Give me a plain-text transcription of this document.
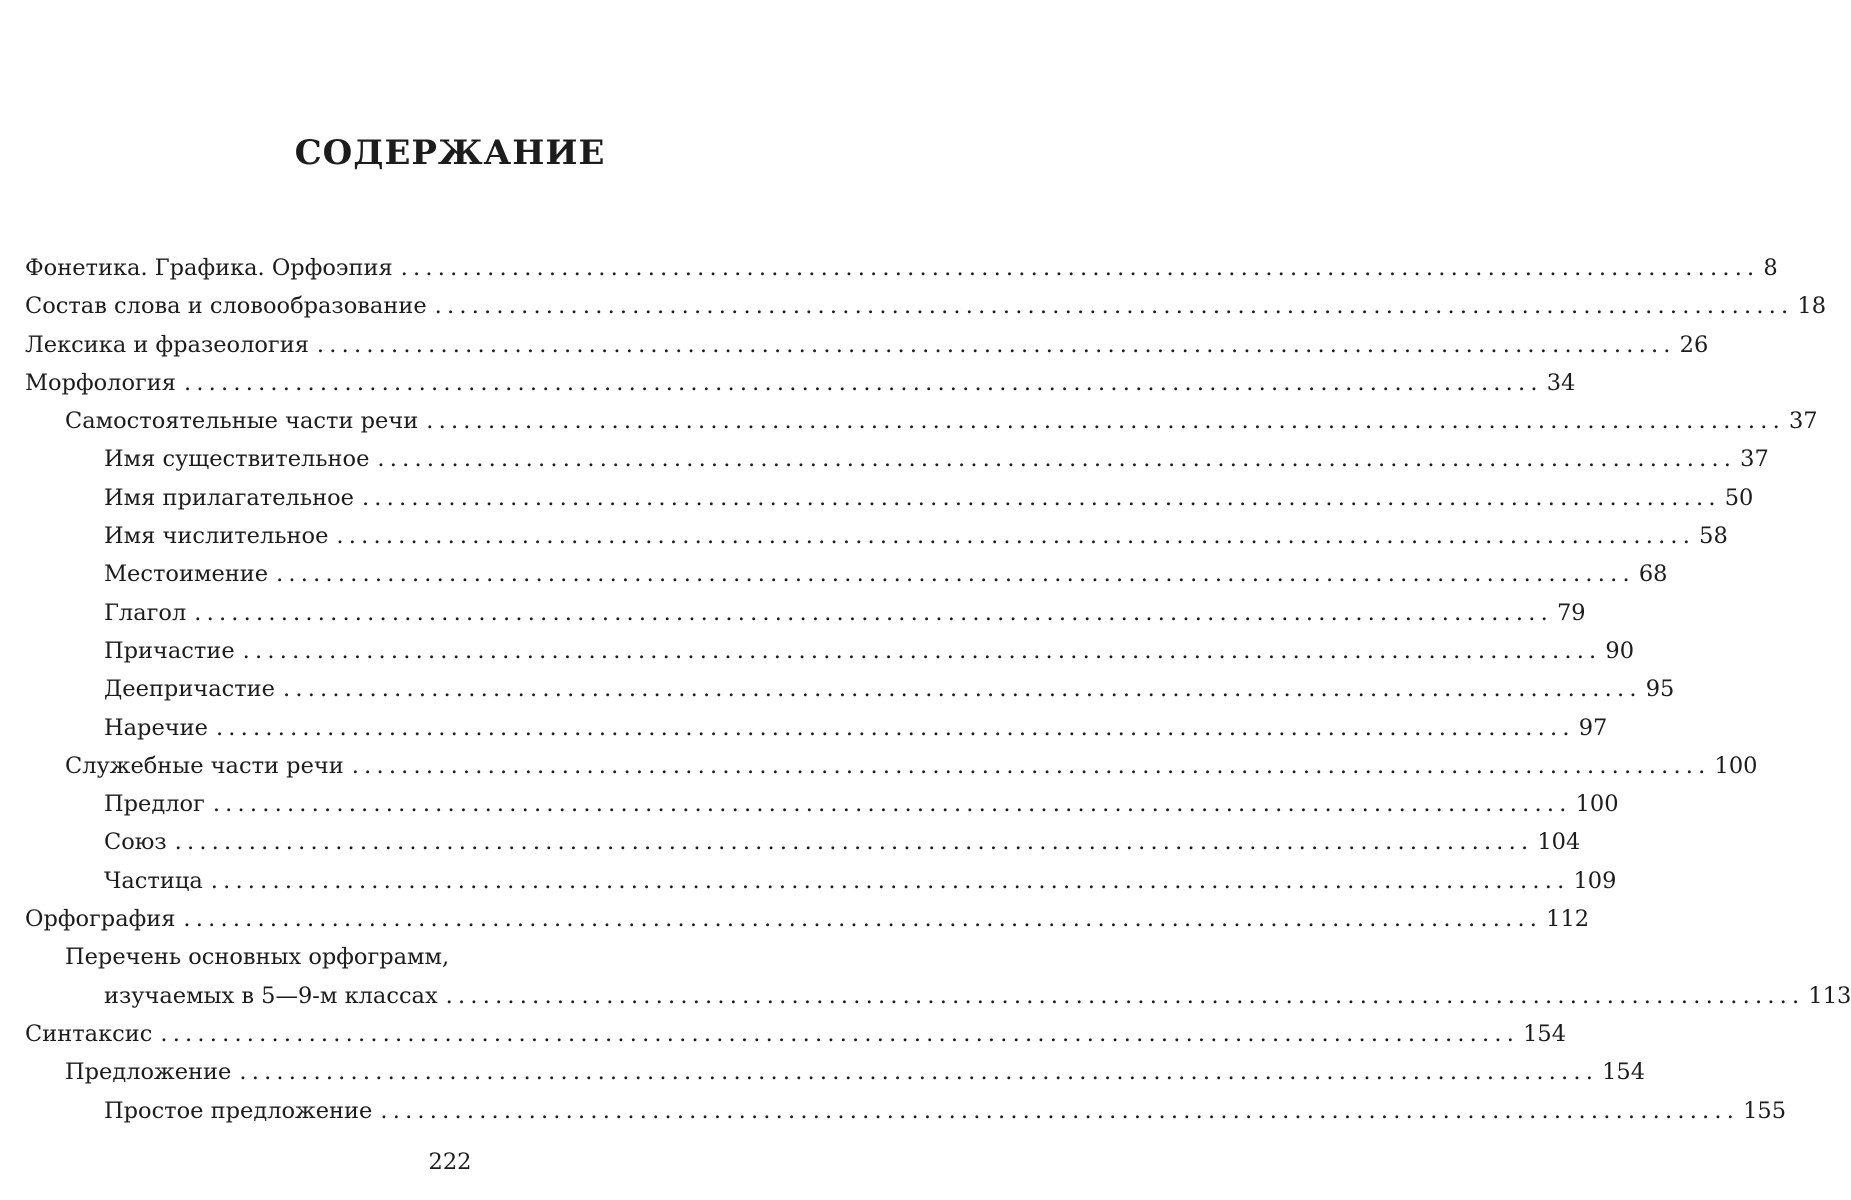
СОДЕРЖАНИЕ
Фонетика. Графика. Орфоэпия .............................................................................................................. 8
Состав слова и словообразование .............................................................................................................. 18
Лексика и фразеология .............................................................................................................. 26
Морфология .............................................................................................................. 34
Самостоятельные части речи .............................................................................................................. 37
Имя существительное .............................................................................................................. 37
Имя прилагательное .............................................................................................................. 50
Имя числительное .............................................................................................................. 58
Местоимение .............................................................................................................. 68
Глагол .............................................................................................................. 79
Причастие .............................................................................................................. 90
Деепричастие .............................................................................................................. 95
Наречие .............................................................................................................. 97
Служебные части речи .............................................................................................................. 100
Предлог .............................................................................................................. 100
Союз .............................................................................................................. 104
Частица .............................................................................................................. 109
Орфография .............................................................................................................. 112
Перечень основных орфограмм,
изучаемых в 5—9-м классах .............................................................................................................. 113
Синтаксис .............................................................................................................. 154
Предложение .............................................................................................................. 154
Простое предложение .............................................................................................................. 155
222
